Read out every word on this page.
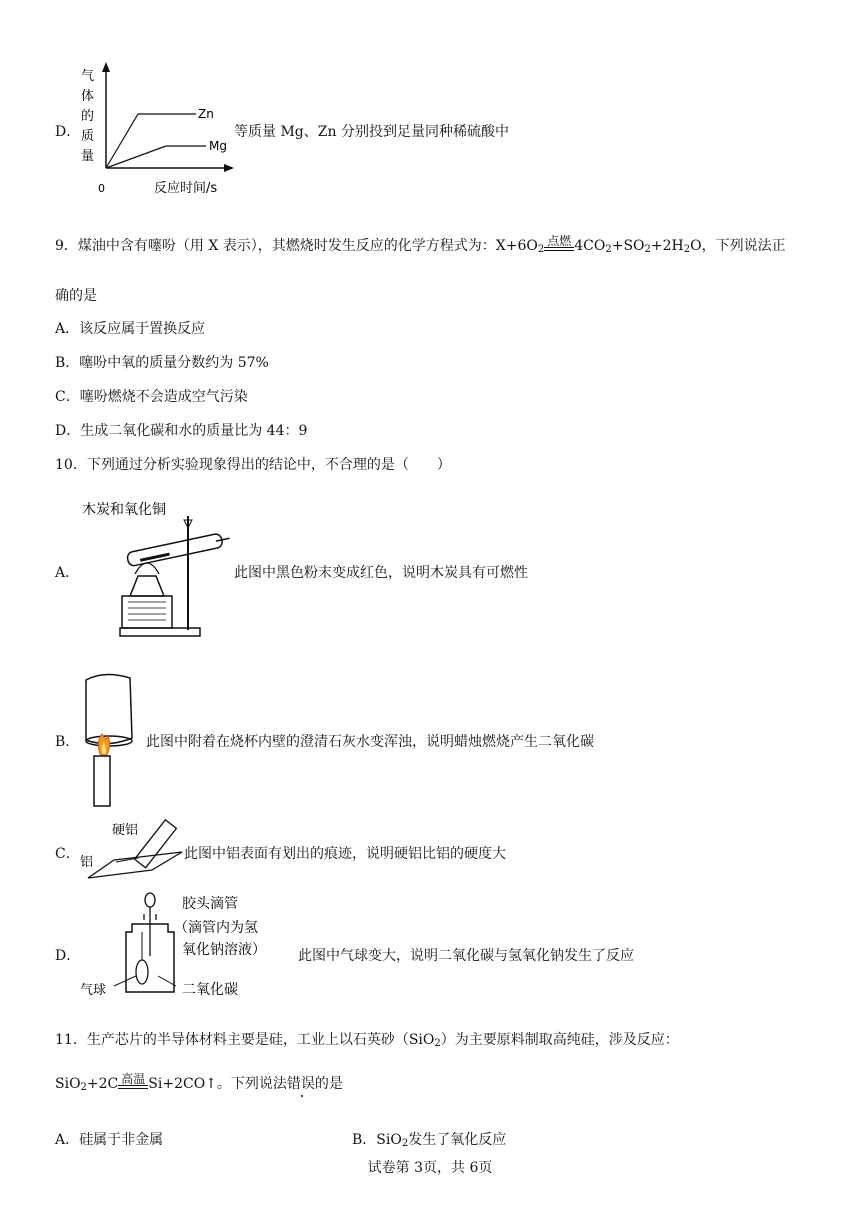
D．
气
体
的
质
量
0	反应时间/s
Zn
Mg
等质量 Mg、Zn 分别投到足量同种稀硫酸中
9．煤油中含有噻吩（用 X 表示），其燃烧时发生反应的化学方程式为：$X+6O_2$
点燃 $4CO_2+SO_2+2H_2O$，下列说法正
确的是
A．该反应属于置换反应
B．噻吩中氧的质量分数约为 57%
C．噻吩燃烧不会造成空气污染
D．生成二氧化碳和水的质量比为 44：9
10．下列通过分析实验现象得出的结论中，不合理的是（　　）
A．
木炭和氧化铜
此图中黑色粉末变成红色，说明木炭具有可燃性
B．	此图中附着在烧杯内壁的澄清石灰水变浑浊，说明蜡烛燃烧产生二氧化碳
C．
硬铝
铝
此图中铝表面有划出的痕迹，说明硬铝比铝的硬度大
D．
气球
胶头滴管
（滴管内为氢
氧化钠溶液）
二氧化碳
此图中气球变大，说明二氧化碳与氢氧化钠发生了反应
11．生产芯片的半导体材料主要是硅，工业上以石英砂（SiO$_2$）为主要原料制取高纯硅，涉及反应：
SiO$_2$+2C 高温 Si+2CO↑。下列说法错误的是
A．硅属于非金属	B．SiO$_2$发生了氧化反应
试卷第 3页，共 6页
